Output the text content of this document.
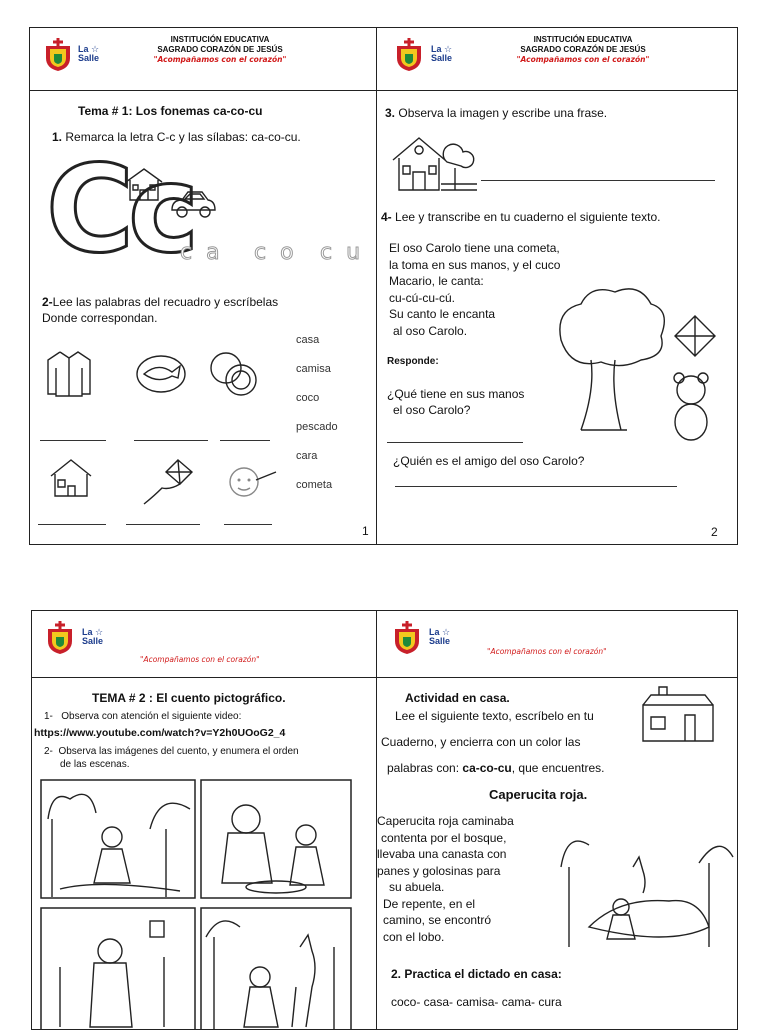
La ☆
Salle

INSTITUCIÓN EDUCATIVA
SAGRADO CORAZÓN DE JESÚS
"Acompañamos con el corazón"
Tema # 1: Los fonemas ca-co-cu
1. Remarca la letra C-c y las sílabas: ca-co-cu.
Cc
ca co cu
2-Lee las palabras del recuadro y escríbelas
Donde correspondan.
casa
camisa
coco
pescado
cara
cometa
1
La ☆
Salle
INSTITUCIÓN EDUCATIVA
SAGRADO CORAZÓN DE JESÚS
"Acompañamos con el corazón"
3. Observa la imagen y escribe una frase.
4- Lee y transcribe en tu cuaderno el siguiente texto.
El oso Carolo tiene una cometa,
la toma en sus manos, y el cuco
Macario, le canta:
cu-cú-cu-cú.
Su canto le encanta
al oso Carolo.
Responde:
¿Qué tiene en sus manos
el oso Carolo?
¿Quién es el amigo del oso Carolo?
2
La ☆
Salle
"Acompañamos con el corazón"
TEMA # 2 : El cuento pictográfico.
1- Observa con atención el siguiente video:
https://www.youtube.com/watch?v=Y2h0UOoG2_4
2- Observa las imágenes del cuento, y enumera el orden
de las escenas.
La ☆
Salle
"Acompañamos con el corazón"
Actividad en casa.
Lee el siguiente texto, escríbelo en tu
Cuaderno, y encierra con un color las
palabras con: ca-co-cu, que encuentres.
Caperucita roja.
Caperucita roja caminaba
contenta por el bosque,
llevaba una canasta con
panes y golosinas para
su abuela.
De repente, en el
camino, se encontró
con el lobo.
2. Practica el dictado en casa:
coco- casa- camisa- cama- cura
